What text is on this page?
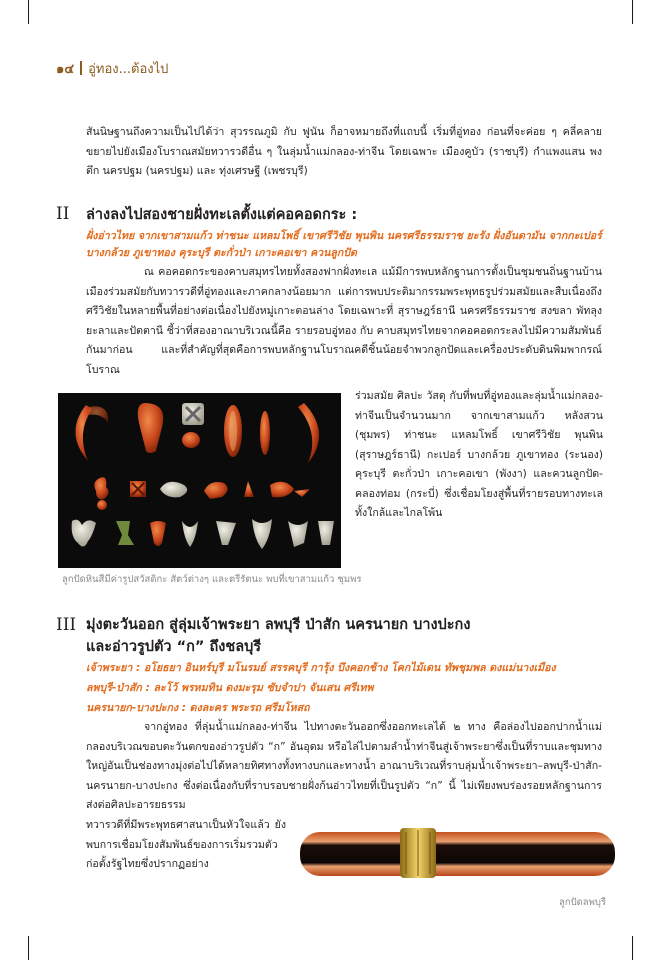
๑๔ อู่ทอง...ต้องไป

สันนิษฐานถึงความเป็นไปได้ว่า สุวรรณภูมิ กับ ฟูนัน ก็อาจหมายถึงที่แถบนี้ เริ่มที่อู่ทอง ก่อนที่จะค่อย ๆ คลี่คลายขยายไปยังเมืองโบราณสมัยทวารวดีอื่น ๆ ในลุ่มน้ำแม่กลอง-ท่าจีน โดยเฉพาะ เมืองคูบัว (ราชบุรี) กำแพงแสน พงตึก นครปฐม (นครปฐม) และ ทุ่งเศรษฐี (เพชรบุรี)

II ล่างลงไปสองชายฝั่งทะเลตั้งแต่คอคอดกระ :
ฝั่งอ่าวไทย จากเขาสามแก้ว ท่าชนะ แหลมโพธิ์ เขาศรีวิชัย พุนพิน นครศรีธรรมราช ยะรัง ฝั่งอันดามัน จากกะเปอร์ บางกล้วย ภูเขาทอง คุระบุรี ตะกั่วป่า เกาะคอเขา ควนลูกปัด

ณ คอคอดกระของคาบสมุทรไทยทั้งสองฟากฝั่งทะเล แม้มีการพบหลักฐานการตั้งเป็นชุมชนถิ่นฐานบ้านเมืองร่วมสมัยกับทวารวดีที่อู่ทองและภาคกลางน้อยมาก แต่การพบประติมากรรมพระพุทธรูปร่วมสมัยและสืบเนื่องถึงศรีวิชัยในหลายพื้นที่อย่างต่อเนื่องไปยังหมู่เกาะตอนล่าง โดยเฉพาะที่ สุราษฎร์ธานี นครศรีธรรมราช สงขลา พัทลุง ยะลาและปัตตานี ชี้ว่าที่สองอาณาบริเวณนี้คือ รายรอบอู่ทอง กับ คาบสมุทรไทยจากคอคอดกระลงไปมีความสัมพันธ์กันมาก่อน และที่สำคัญที่สุดคือการพบหลักฐานโบราณคดีชิ้นน้อยจำพวกลูกปัดและเครื่องประดับดินพิมพากรณ์โบราณ

ร่วมสมัย ศิลปะ วัสดุ กับที่พบที่อู่ทองและลุ่มน้ำแม่กลอง-ท่าจีนเป็นจำนวนมาก จากเขาสามแก้ว หลังสวน (ชุมพร) ท่าชนะ แหลมโพธิ์ เขาศรีวิชัย พุนพิน (สุราษฎร์ธานี) กะเปอร์ บางกล้วย ภูเขาทอง (ระนอง) คุระบุรี ตะกั่วป่า เกาะคอเขา (พังงา) และควนลูกปัด-คลองท่อม (กระบี่) ซึ่งเชื่อมโยงสู่พื้นที่รายรอบทางทะเลทั้งใกล้และไกลโพ้น

ลูกปัดหินสีมีค่ารูปสวัสดิกะ สัตว์ต่างๆ และตรีรัตนะ พบที่เขาสามแก้ว ชุมพร
III มุ่งตะวันออก สู่ลุ่มเจ้าพระยา ลพบุรี ป่าสัก นครนายก บางปะกง
และอ่าวรูปตัว “ก” ถึงชลบุรี
เจ้าพระยา : อโยธยา อินทร์บุรี มโนรมย์ สรรคบุรี การุ้ง บึงคอกช้าง โคกไม้เดน ทัพชุมพล ดงแม่นางเมือง
ลพบุรี-ป่าสัก : ละโว้ พรหมทิน ดงมะรุม ซับจำปา จันเสน ศรีเทพ
นครนายก-บางปะกง : ดงละคร พระรถ ศรีมโหสถ

จากอู่ทอง ที่ลุ่มน้ำแม่กลอง-ท่าจีน ไปทางตะวันออกซึ่งออกทะเลได้ ๒ ทาง คือล่องไปออกปากน้ำแม่กลองบริเวณขอบตะวันตกของอ่าวรูปตัว “ก” อันอุดม หรือไล่ไปตามลำน้ำท่าจีนสู่เจ้าพระยาซึ่งเป็นที่ราบและชุมทางใหญ่อันเป็นช่องทางมุ่งต่อไปได้หลายทิศทางทั้งทางบกและทางน้ำ อาณาบริเวณที่ราบลุ่มน้ำเจ้าพระยา–ลพบุรี-ป่าสัก-นครนายก-บางปะกง ซึ่งต่อเนื่องกับที่ราบรอบชายฝั่งก้นอ่าวไทยที่เป็นรูปตัว “ก” นี้ ไม่เพียงพบร่องรอยหลักฐานการส่งต่อศิลปะอารยธรรม

ทวารวดีที่มีพระพุทธศาสนาเป็นหัวใจแล้ว ยังพบการเชื่อมโยงสัมพันธ์ของการเริ่มรวมตัวก่อตั้งรัฐไทยซึ่งปรากฏอย่าง

ลูกปัดลพบุรี
